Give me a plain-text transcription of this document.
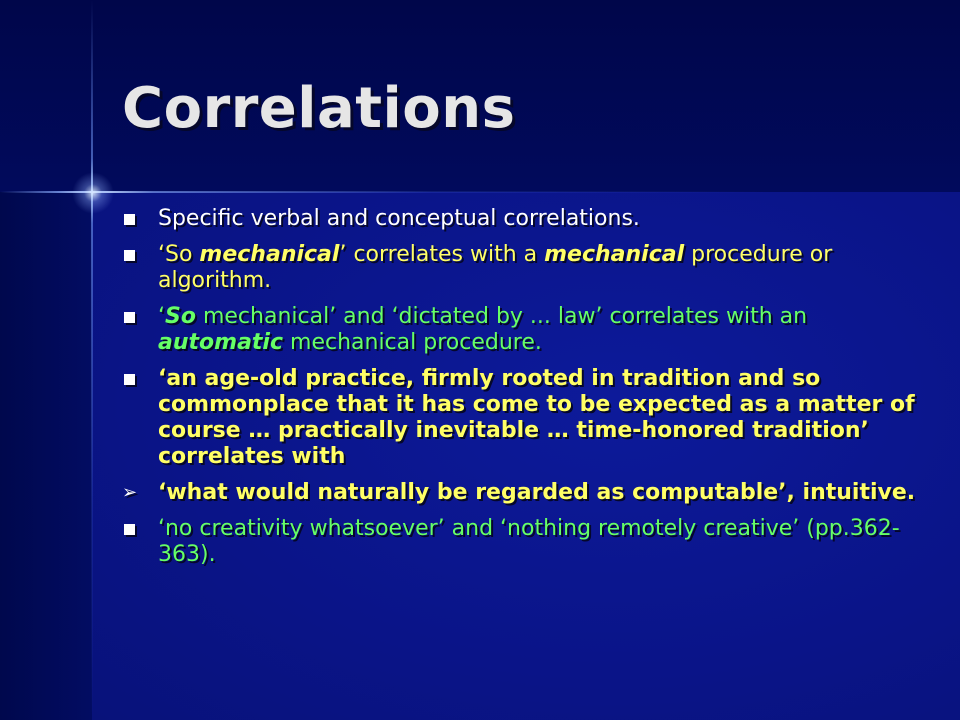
Correlations
Specific verbal and conceptual correlations.
‘So mechanical’ correlates with a mechanical procedure or algorithm.
‘So mechanical’ and ‘dictated by ... law’ correlates with an automatic mechanical procedure.
‘an age-old practice, firmly rooted in tradition and so commonplace that it has come to be expected as a matter of course … practically inevitable … time-honored tradition’ correlates with
➢ ‘what would naturally be regarded as computable’, intuitive.
‘no creativity whatsoever’ and ‘nothing remotely creative’ (pp.362-363).
